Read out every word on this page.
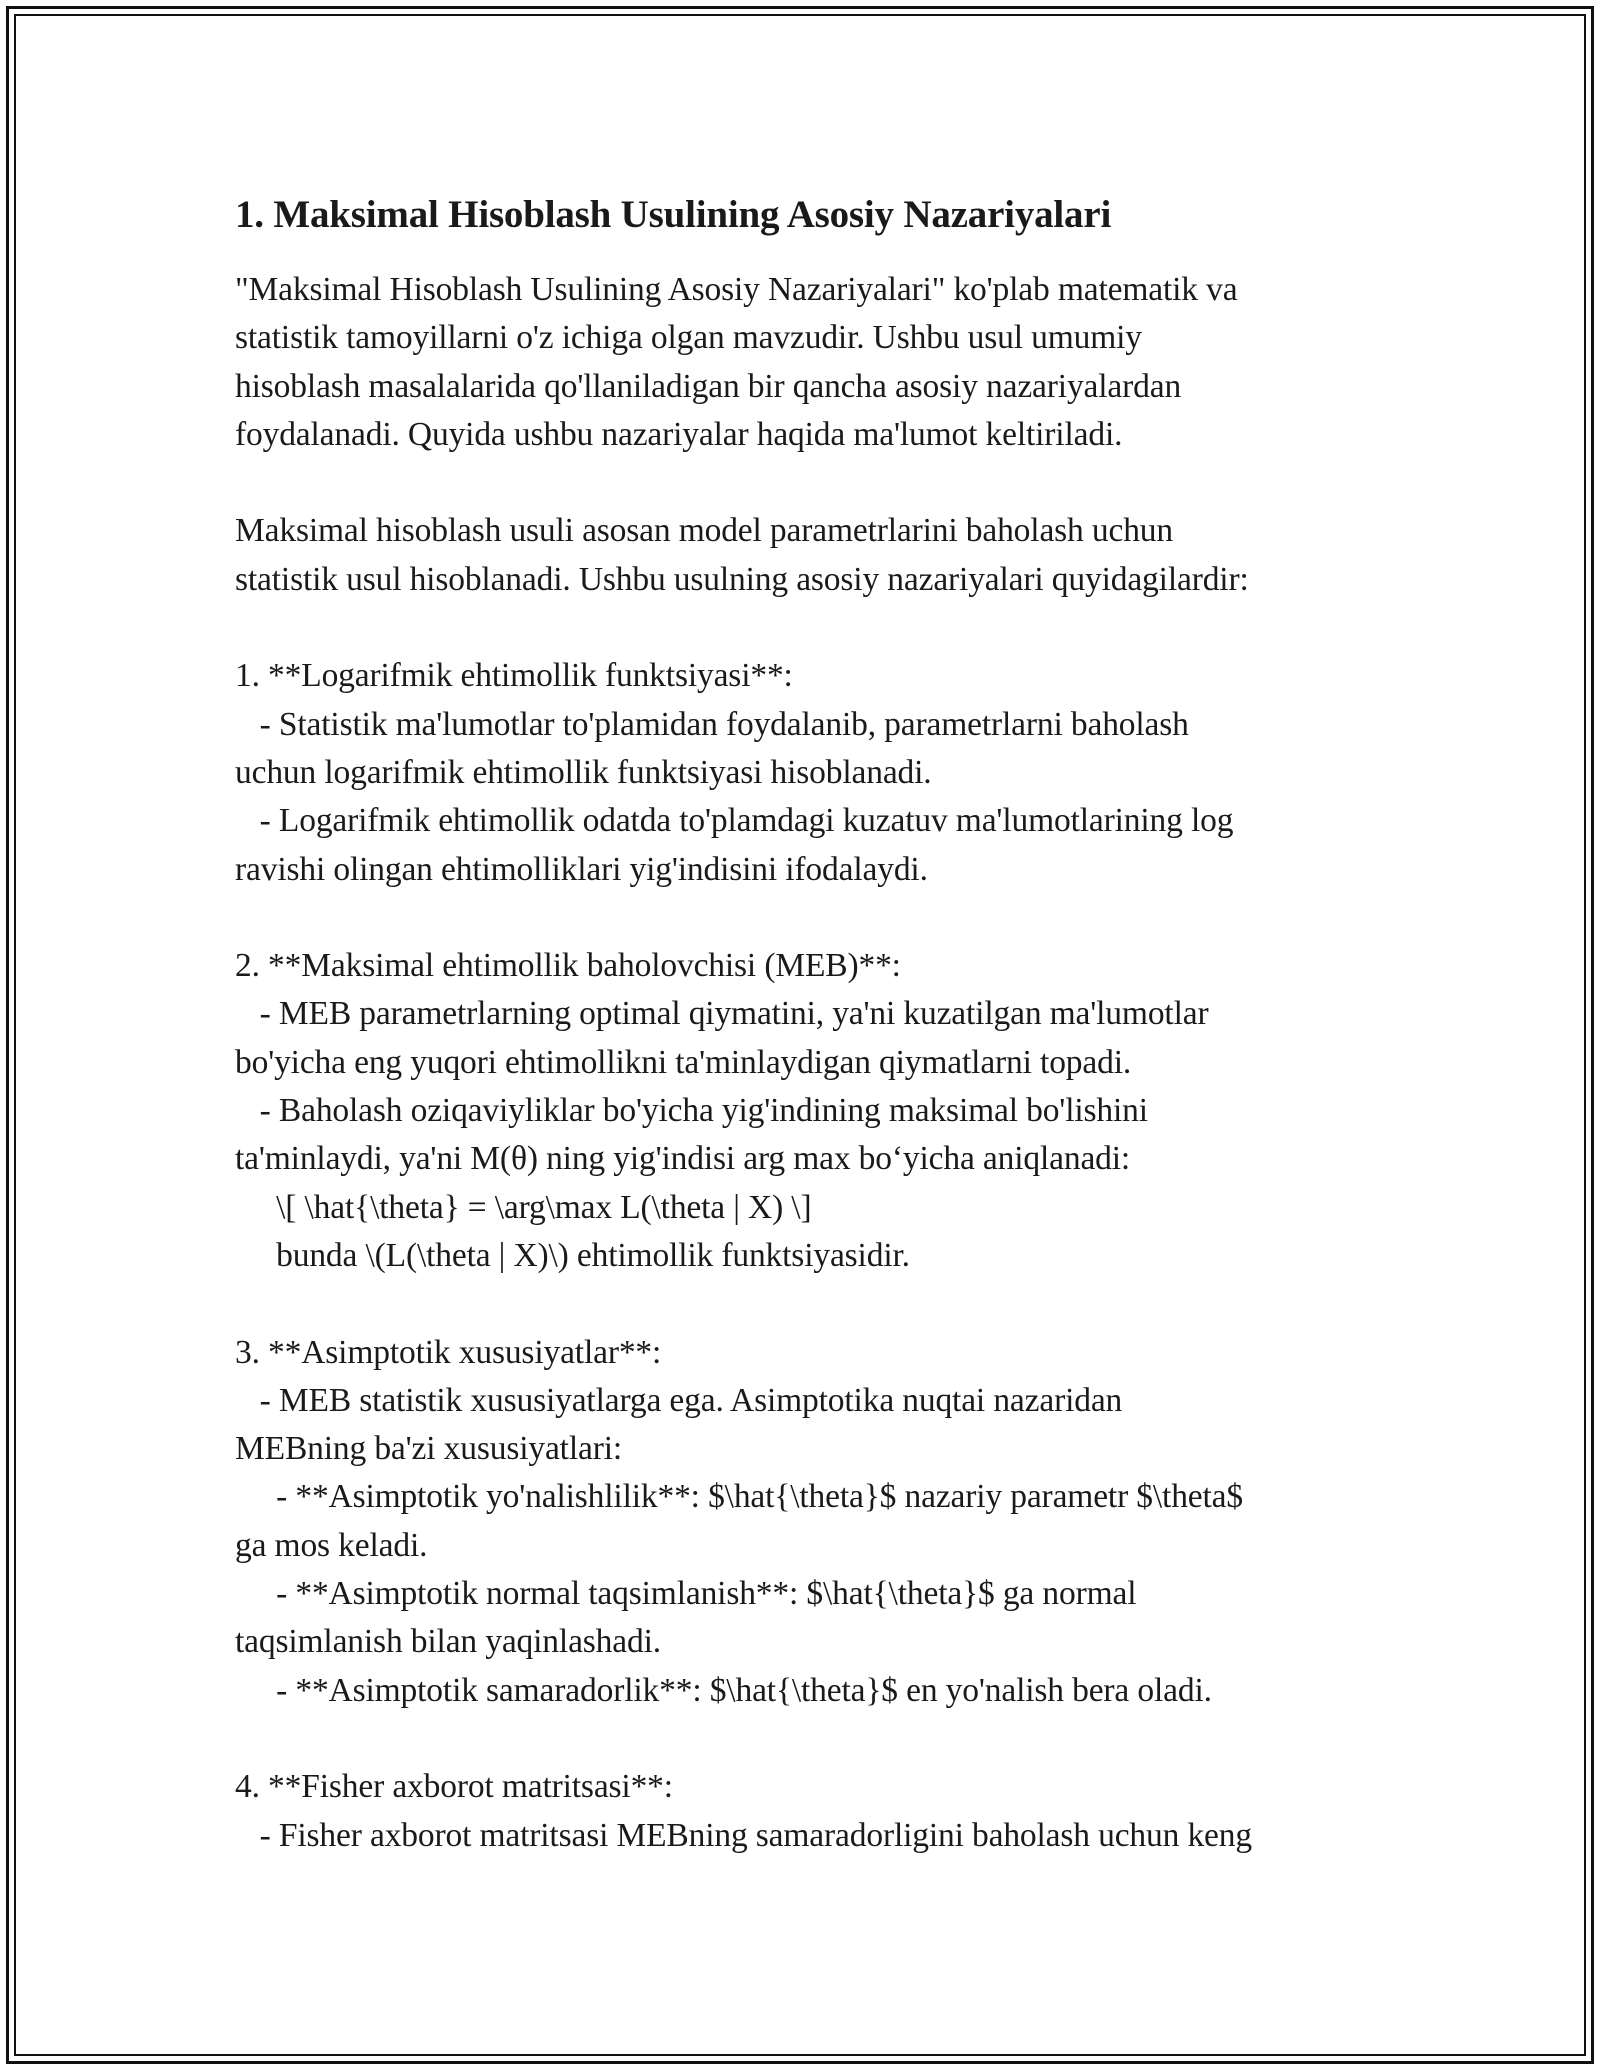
1. Maksimal Hisoblash Usulining Asosiy Nazariyalari
"Maksimal Hisoblash Usulining Asosiy Nazariyalari" ko'plab matematik va
statistik tamoyillarni o'z ichiga olgan mavzudir. Ushbu usul umumiy
hisoblash masalalarida qo'llaniladigan bir qancha asosiy nazariyalardan
foydalanadi. Quyida ushbu nazariyalar haqida ma'lumot keltiriladi.
Maksimal hisoblash usuli asosan model parametrlarini baholash uchun
statistik usul hisoblanadi. Ushbu usulning asosiy nazariyalari quyidagilardir:
1. **Logarifmik ehtimollik funktsiyasi**:
- Statistik ma'lumotlar to'plamidan foydalanib, parametrlarni baholash
uchun logarifmik ehtimollik funktsiyasi hisoblanadi.
- Logarifmik ehtimollik odatda to'plamdagi kuzatuv ma'lumotlarining log
ravishi olingan ehtimolliklari yig'indisini ifodalaydi.
2. **Maksimal ehtimollik baholovchisi (MEB)**:
- MEB parametrlarning optimal qiymatini, ya'ni kuzatilgan ma'lumotlar
bo'yicha eng yuqori ehtimollikni ta'minlaydigan qiymatlarni topadi.
- Baholash oziqaviyliklar bo'yicha yig'indining maksimal bo'lishini
ta'minlaydi, ya'ni M(θ) ning yig'indisi arg max bo‘yicha aniqlanadi:
\[ \hat{\theta} = \arg\max L(\theta | X) \]
bunda \(L(\theta | X)\) ehtimollik funktsiyasidir.
3. **Asimptotik xususiyatlar**:
- MEB statistik xususiyatlarga ega. Asimptotika nuqtai nazaridan
MEBning ba'zi xususiyatlari:
- **Asimptotik yo'nalishlilik**: $\hat{\theta}$ nazariy parametr $\theta$
ga mos keladi.
- **Asimptotik normal taqsimlanish**: $\hat{\theta}$ ga normal
taqsimlanish bilan yaqinlashadi.
- **Asimptotik samaradorlik**: $\hat{\theta}$ en yo'nalish bera oladi.
4. **Fisher axborot matritsasi**:
- Fisher axborot matritsasi MEBning samaradorligini baholash uchun keng
